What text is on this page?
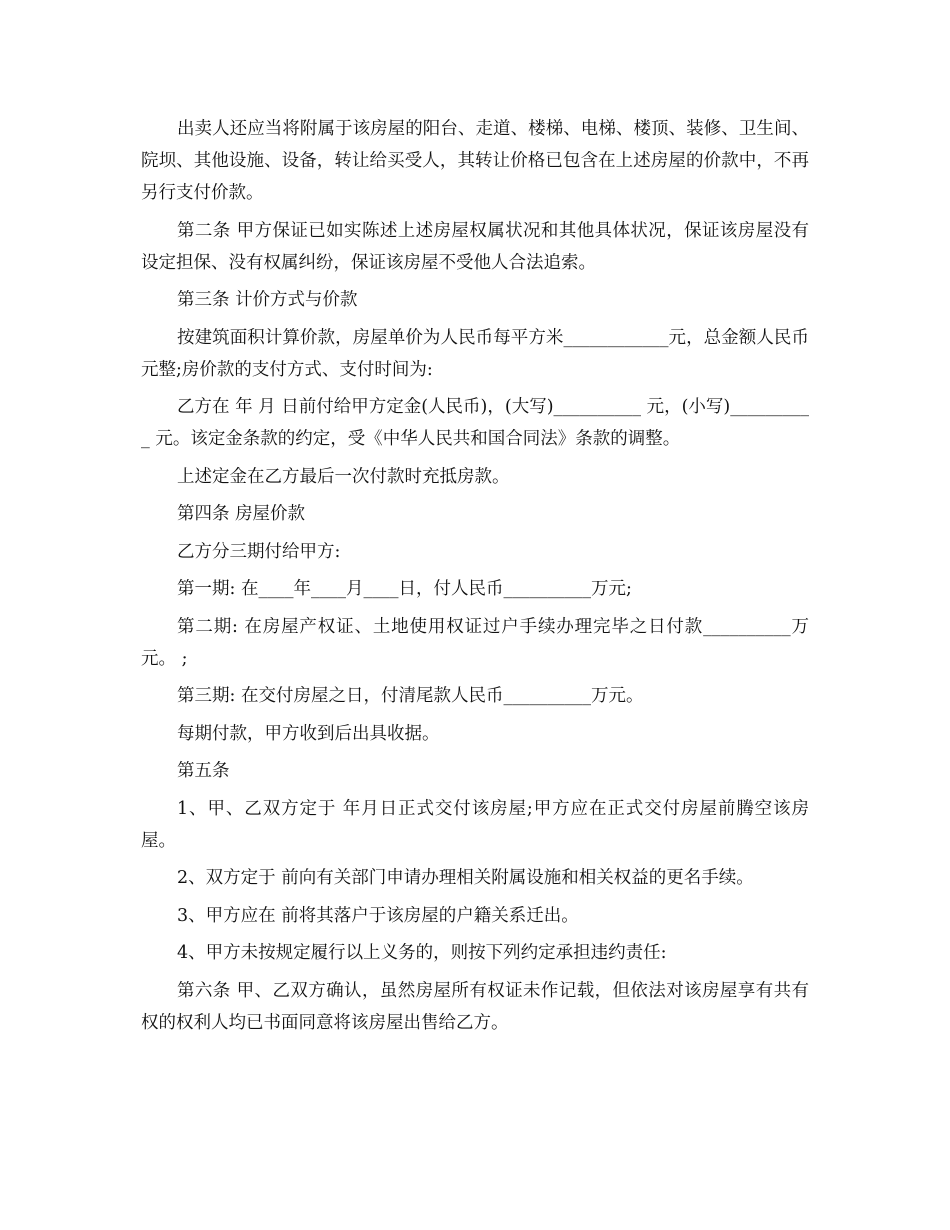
出卖人还应当将附属于该房屋的阳台、走道、楼梯、电梯、楼顶、装修、卫生间、院坝、其他设施、设备，转让给买受人，其转让价格已包含在上述房屋的价款中，不再另行支付价款。

第二条 甲方保证已如实陈述上述房屋权属状况和其他具体状况，保证该房屋没有设定担保、没有权属纠纷，保证该房屋不受他人合法追索。

第三条 计价方式与价款

按建筑面积计算价款，房屋单价为人民币每平方米____________元，总金额人民币 元整;房价款的支付方式、支付时间为:

乙方在 年 月 日前付给甲方定金(人民币)，(大写)__________ 元，(小写)__________ 元。该定金条款的约定，受《中华人民共和国合同法》条款的调整。

上述定金在乙方最后一次付款时充抵房款。

第四条 房屋价款

乙方分三期付给甲方:

第一期: 在____年____月____日，付人民币__________万元;

第二期: 在房屋产权证、土地使用权证过户手续办理完毕之日付款__________万元。 ;

第三期: 在交付房屋之日，付清尾款人民币__________万元。

每期付款，甲方收到后出具收据。

第五条

1、甲、乙双方定于 年月日正式交付该房屋;甲方应在正式交付房屋前腾空该房屋。

2、双方定于 前向有关部门申请办理相关附属设施和相关权益的更名手续。

3、甲方应在 前将其落户于该房屋的户籍关系迁出。

4、甲方未按规定履行以上义务的，则按下列约定承担违约责任:

第六条 甲、乙双方确认，虽然房屋所有权证未作记载，但依法对该房屋享有共有权的权利人均已书面同意将该房屋出售给乙方。
